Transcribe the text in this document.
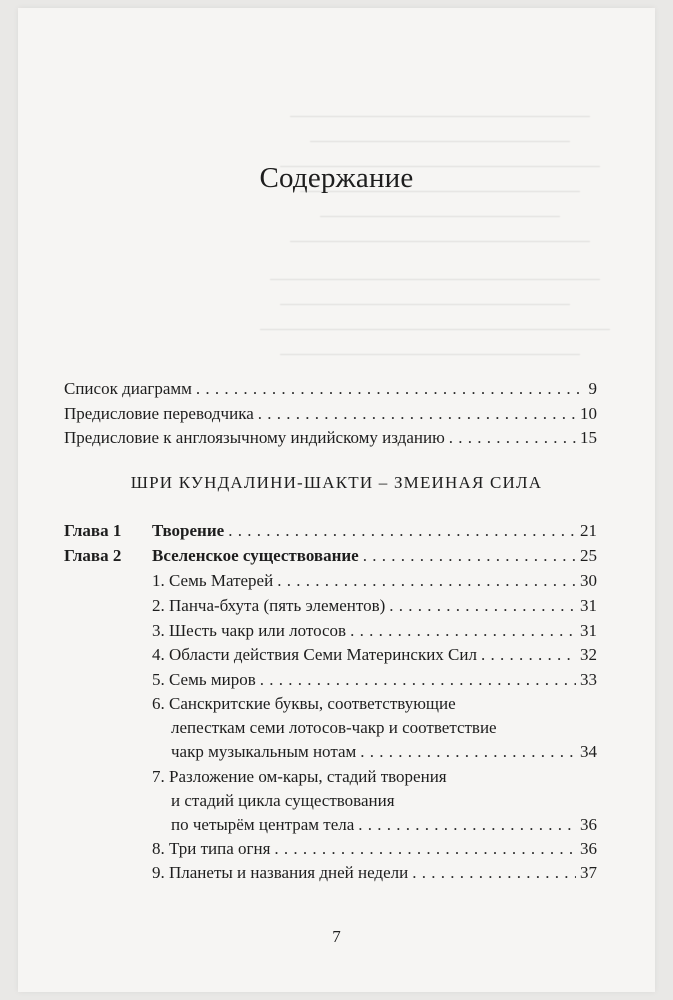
Содержание
Список диаграмм . . .	9
Предисловие переводчика . . .	10
Предисловие к англоязычному индийскому изданию . . .	15
ШРИ КУНДАЛИНИ-ШАКТИ – ЗМЕИНАЯ СИЛА
Глава 1 Творение . . .	21
Глава 2 Вселенское существование . . .	25
1. Семь Матерей . . .	30
2. Панча-бхута (пять элементов) . . .	31
3. Шесть чакр или лотосов . . .	31
4. Области действия Семи Материнских Сил . . .	32
5. Семь миров . . .	33
6. Санскритские буквы, соответствующие
лепесткам семи лотосов-чакр и соответствие
чакр музыкальным нотам . . .	34
7. Разложение ом-кары, стадий творения
и стадий цикла существования
по четырём центрам тела . . .	36
8. Три типа огня . . .	36
9. Планеты и названия дней недели . . .	37
7
